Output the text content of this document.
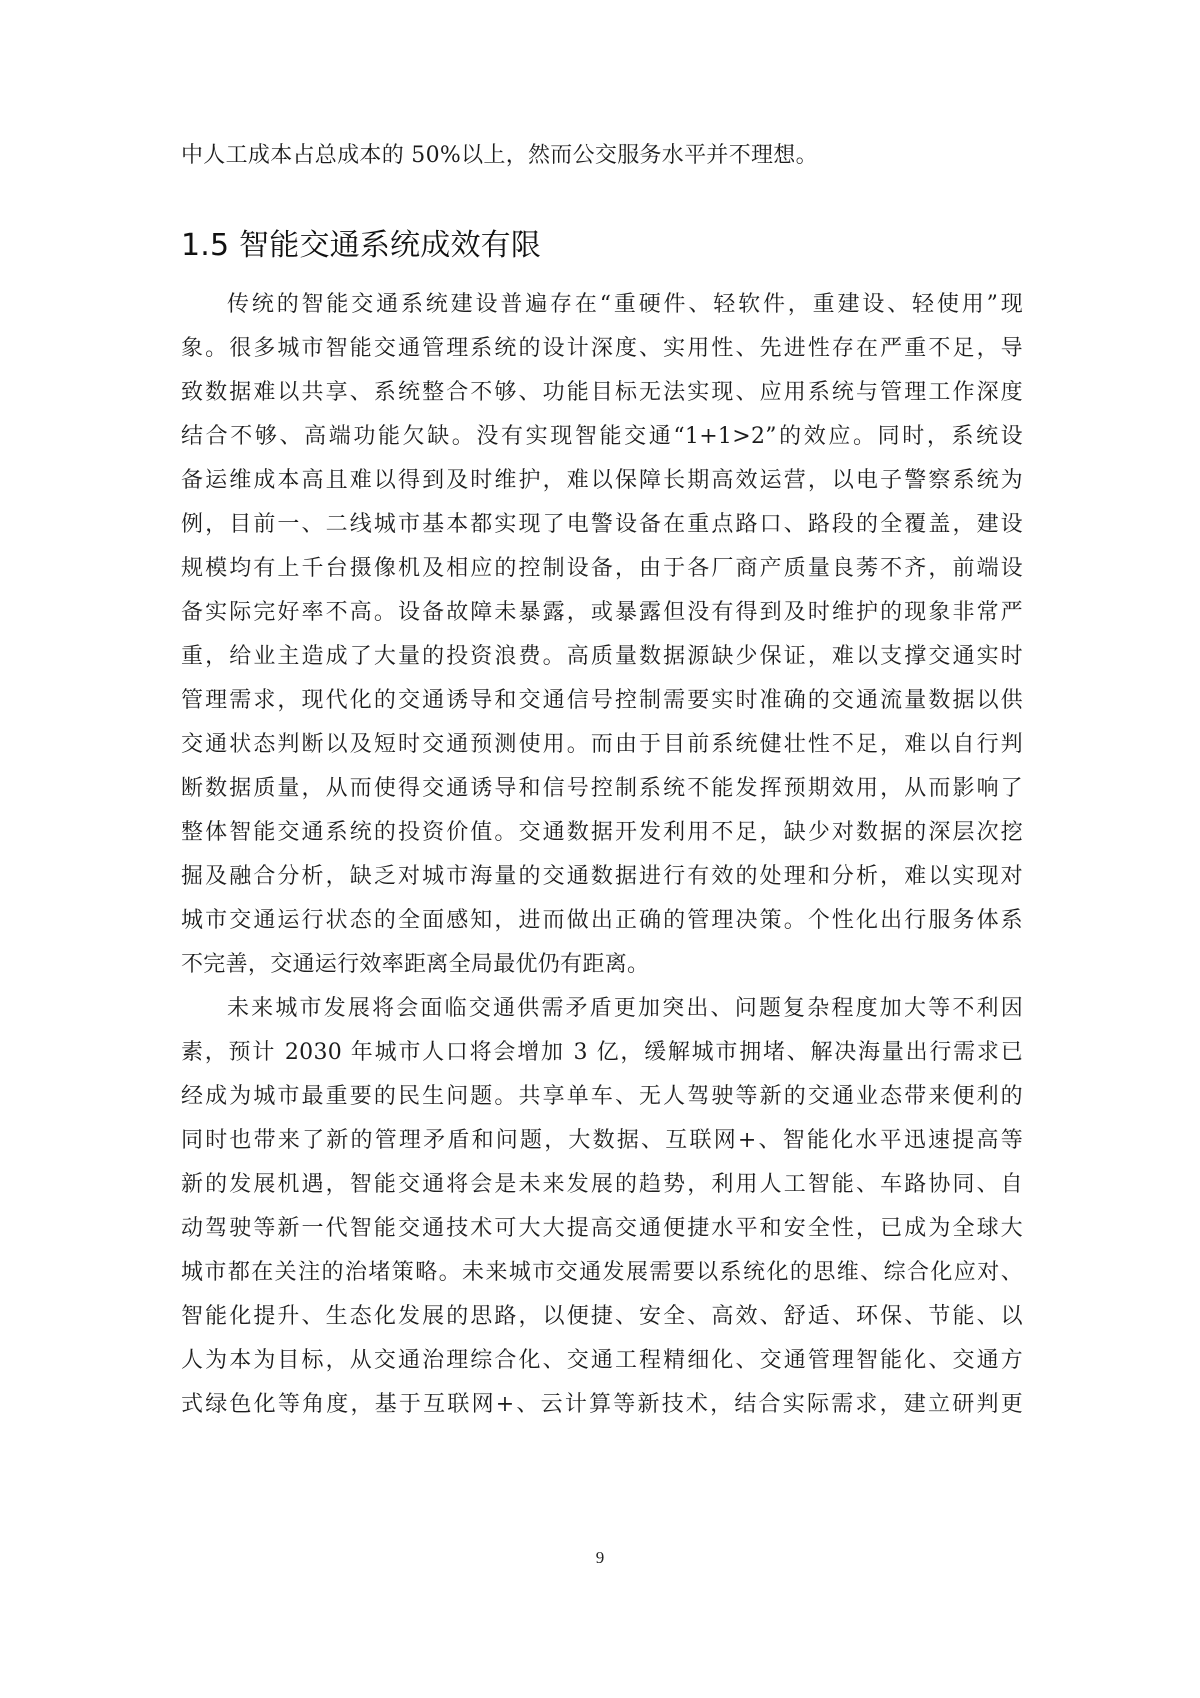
中人工成本占总成本的 50%以上，然而公交服务水平并不理想。
1.5 智能交通系统成效有限
传统的智能交通系统建设普遍存在“重硬件、轻软件，重建设、轻使用”现
象。很多城市智能交通管理系统的设计深度、实用性、先进性存在严重不足，导
致数据难以共享、系统整合不够、功能目标无法实现、应用系统与管理工作深度
结合不够、高端功能欠缺。没有实现智能交通“1+1>2”的效应。同时，系统设
备运维成本高且难以得到及时维护，难以保障长期高效运营，以电子警察系统为
例，目前一、二线城市基本都实现了电警设备在重点路口、路段的全覆盖，建设
规模均有上千台摄像机及相应的控制设备，由于各厂商产质量良莠不齐，前端设
备实际完好率不高。设备故障未暴露，或暴露但没有得到及时维护的现象非常严
重，给业主造成了大量的投资浪费。高质量数据源缺少保证，难以支撑交通实时
管理需求，现代化的交通诱导和交通信号控制需要实时准确的交通流量数据以供
交通状态判断以及短时交通预测使用。而由于目前系统健壮性不足，难以自行判
断数据质量，从而使得交通诱导和信号控制系统不能发挥预期效用，从而影响了
整体智能交通系统的投资价值。交通数据开发利用不足，缺少对数据的深层次挖
掘及融合分析，缺乏对城市海量的交通数据进行有效的处理和分析，难以实现对
城市交通运行状态的全面感知，进而做出正确的管理决策。个性化出行服务体系
不完善，交通运行效率距离全局最优仍有距离。
未来城市发展将会面临交通供需矛盾更加突出、问题复杂程度加大等不利因
素，预计 2030 年城市人口将会增加 3 亿，缓解城市拥堵、解决海量出行需求已
经成为城市最重要的民生问题。共享单车、无人驾驶等新的交通业态带来便利的
同时也带来了新的管理矛盾和问题，大数据、互联网+、智能化水平迅速提高等
新的发展机遇，智能交通将会是未来发展的趋势，利用人工智能、车路协同、自
动驾驶等新一代智能交通技术可大大提高交通便捷水平和安全性，已成为全球大
城市都在关注的治堵策略。未来城市交通发展需要以系统化的思维、综合化应对、
智能化提升、生态化发展的思路，以便捷、安全、高效、舒适、环保、节能、以
人为本为目标，从交通治理综合化、交通工程精细化、交通管理智能化、交通方
式绿色化等角度，基于互联网+、云计算等新技术，结合实际需求，建立研判更
9
